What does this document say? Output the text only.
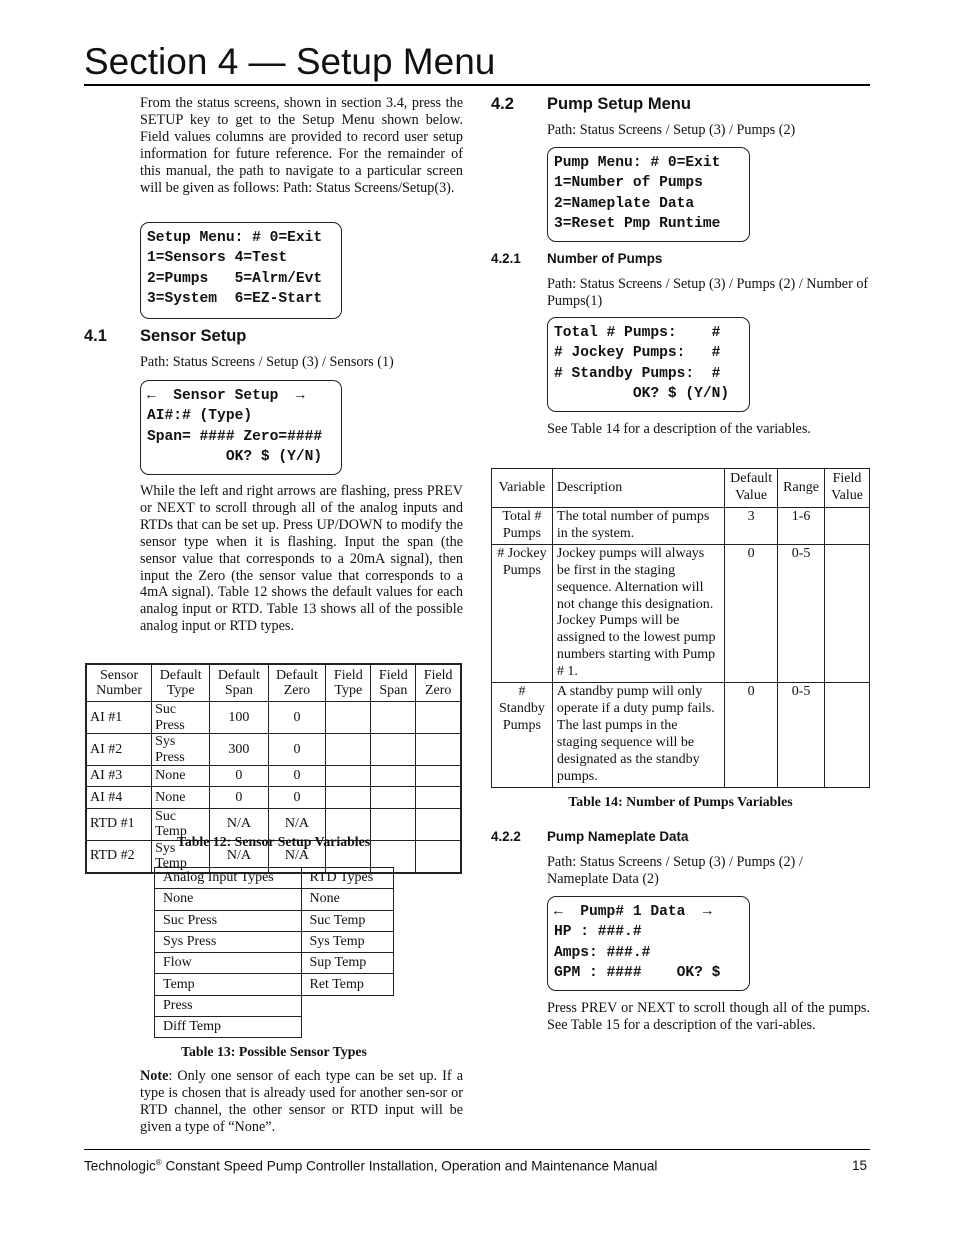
Section 4 — Setup Menu

From the status screens, shown in section 3.4, press the SETUP key to get to the Setup Menu shown below. Field values columns are provided to record user setup information for future reference. For the remainder of this manual, the path to navigate to a particular screen will be given as follows: Path: Status Screens/Setup(3).

Setup Menu: # 0=Exit
1=Sensors 4=Test
2=Pumps   5=Alrm/Evt
3=System  6=EZ-Start
4.1 Sensor Setup

Path: Status Screens / Setup (3) / Sensors (1)

←  Sensor Setup  →
AI#:# (Type)
Span= #### Zero=####
OK? $ (Y/N)

While the left and right arrows are flashing, press PREV or NEXT to scroll through all of the analog inputs and RTDs that can be set up. Press UP/DOWN to modify the sensor type when it is flashing. Input the span (the sensor value that corresponds to a 20mA signal), then input the Zero (the sensor value that corresponds to a 4mA signal). Table 12 shows the default values for each analog input or RTD. Table 13 shows all of the possible analog input or RTD types.

Sensor Number	Default Type	Default Span	Default Zero	Field Type	Field Span	Field Zero
AI #1	Suc Press	100	0			
AI #2	Sys Press	300	0			
AI #3	None	0	0			
AI #4	None	0	0			
RTD #1	Suc Temp	N/A	N/A			
RTD #2	Sys Temp	N/A	N/A			
Table 12: Sensor Setup Variables
Analog Input Types	RTD Types
None	None
Suc Press	Suc Temp
Sys Press	Sys Temp
Flow	Sup Temp
Temp	Ret Temp
Press	
Diff Temp	
Table 13: Possible Sensor Types

Note: Only one sensor of each type can be set up. If a type is chosen that is already used for another sen-sor or RTD channel, the other sensor or RTD input will be given a type of “None”.

4.2 Pump Setup Menu

Path: Status Screens / Setup (3) / Pumps (2)

Pump Menu: # 0=Exit
1=Number of Pumps
2=Nameplate Data
3=Reset Pmp Runtime
4.2.1 Number of Pumps

Path: Status Screens / Setup (3) / Pumps (2) / Number of Pumps(1)

Total # Pumps:    #
# Jockey Pumps:   #
# Standby Pumps:  #
OK? $ (Y/N)

See Table 14 for a description of the variables.

Variable	Description	Default Value	Range	Field Value
Total # Pumps	The total number of pumps in the system.	3	1-6	
# Jockey Pumps	Jockey pumps will always be first in the staging sequence. Alternation will not change this designation. Jockey Pumps will be assigned to the lowest pump numbers starting with Pump # 1.	0	0-5	
# Standby Pumps	A standby pump will only operate if a duty pump fails. The last pumps in the staging sequence will be designated as the standby pumps.	0	0-5	
Table 14: Number of Pumps Variables
4.2.2 Pump Nameplate Data

Path: Status Screens / Setup (3) / Pumps (2) / Nameplate Data (2)

←  Pump# 1 Data  →
HP : ###.#
Amps: ###.#
GPM : ####    OK? $

Press PREV or NEXT to scroll though all of the pumps. See Table 15 for a description of the vari-ables.

Technologic® Constant Speed Pump Controller Installation, Operation and Maintenance Manual	15
